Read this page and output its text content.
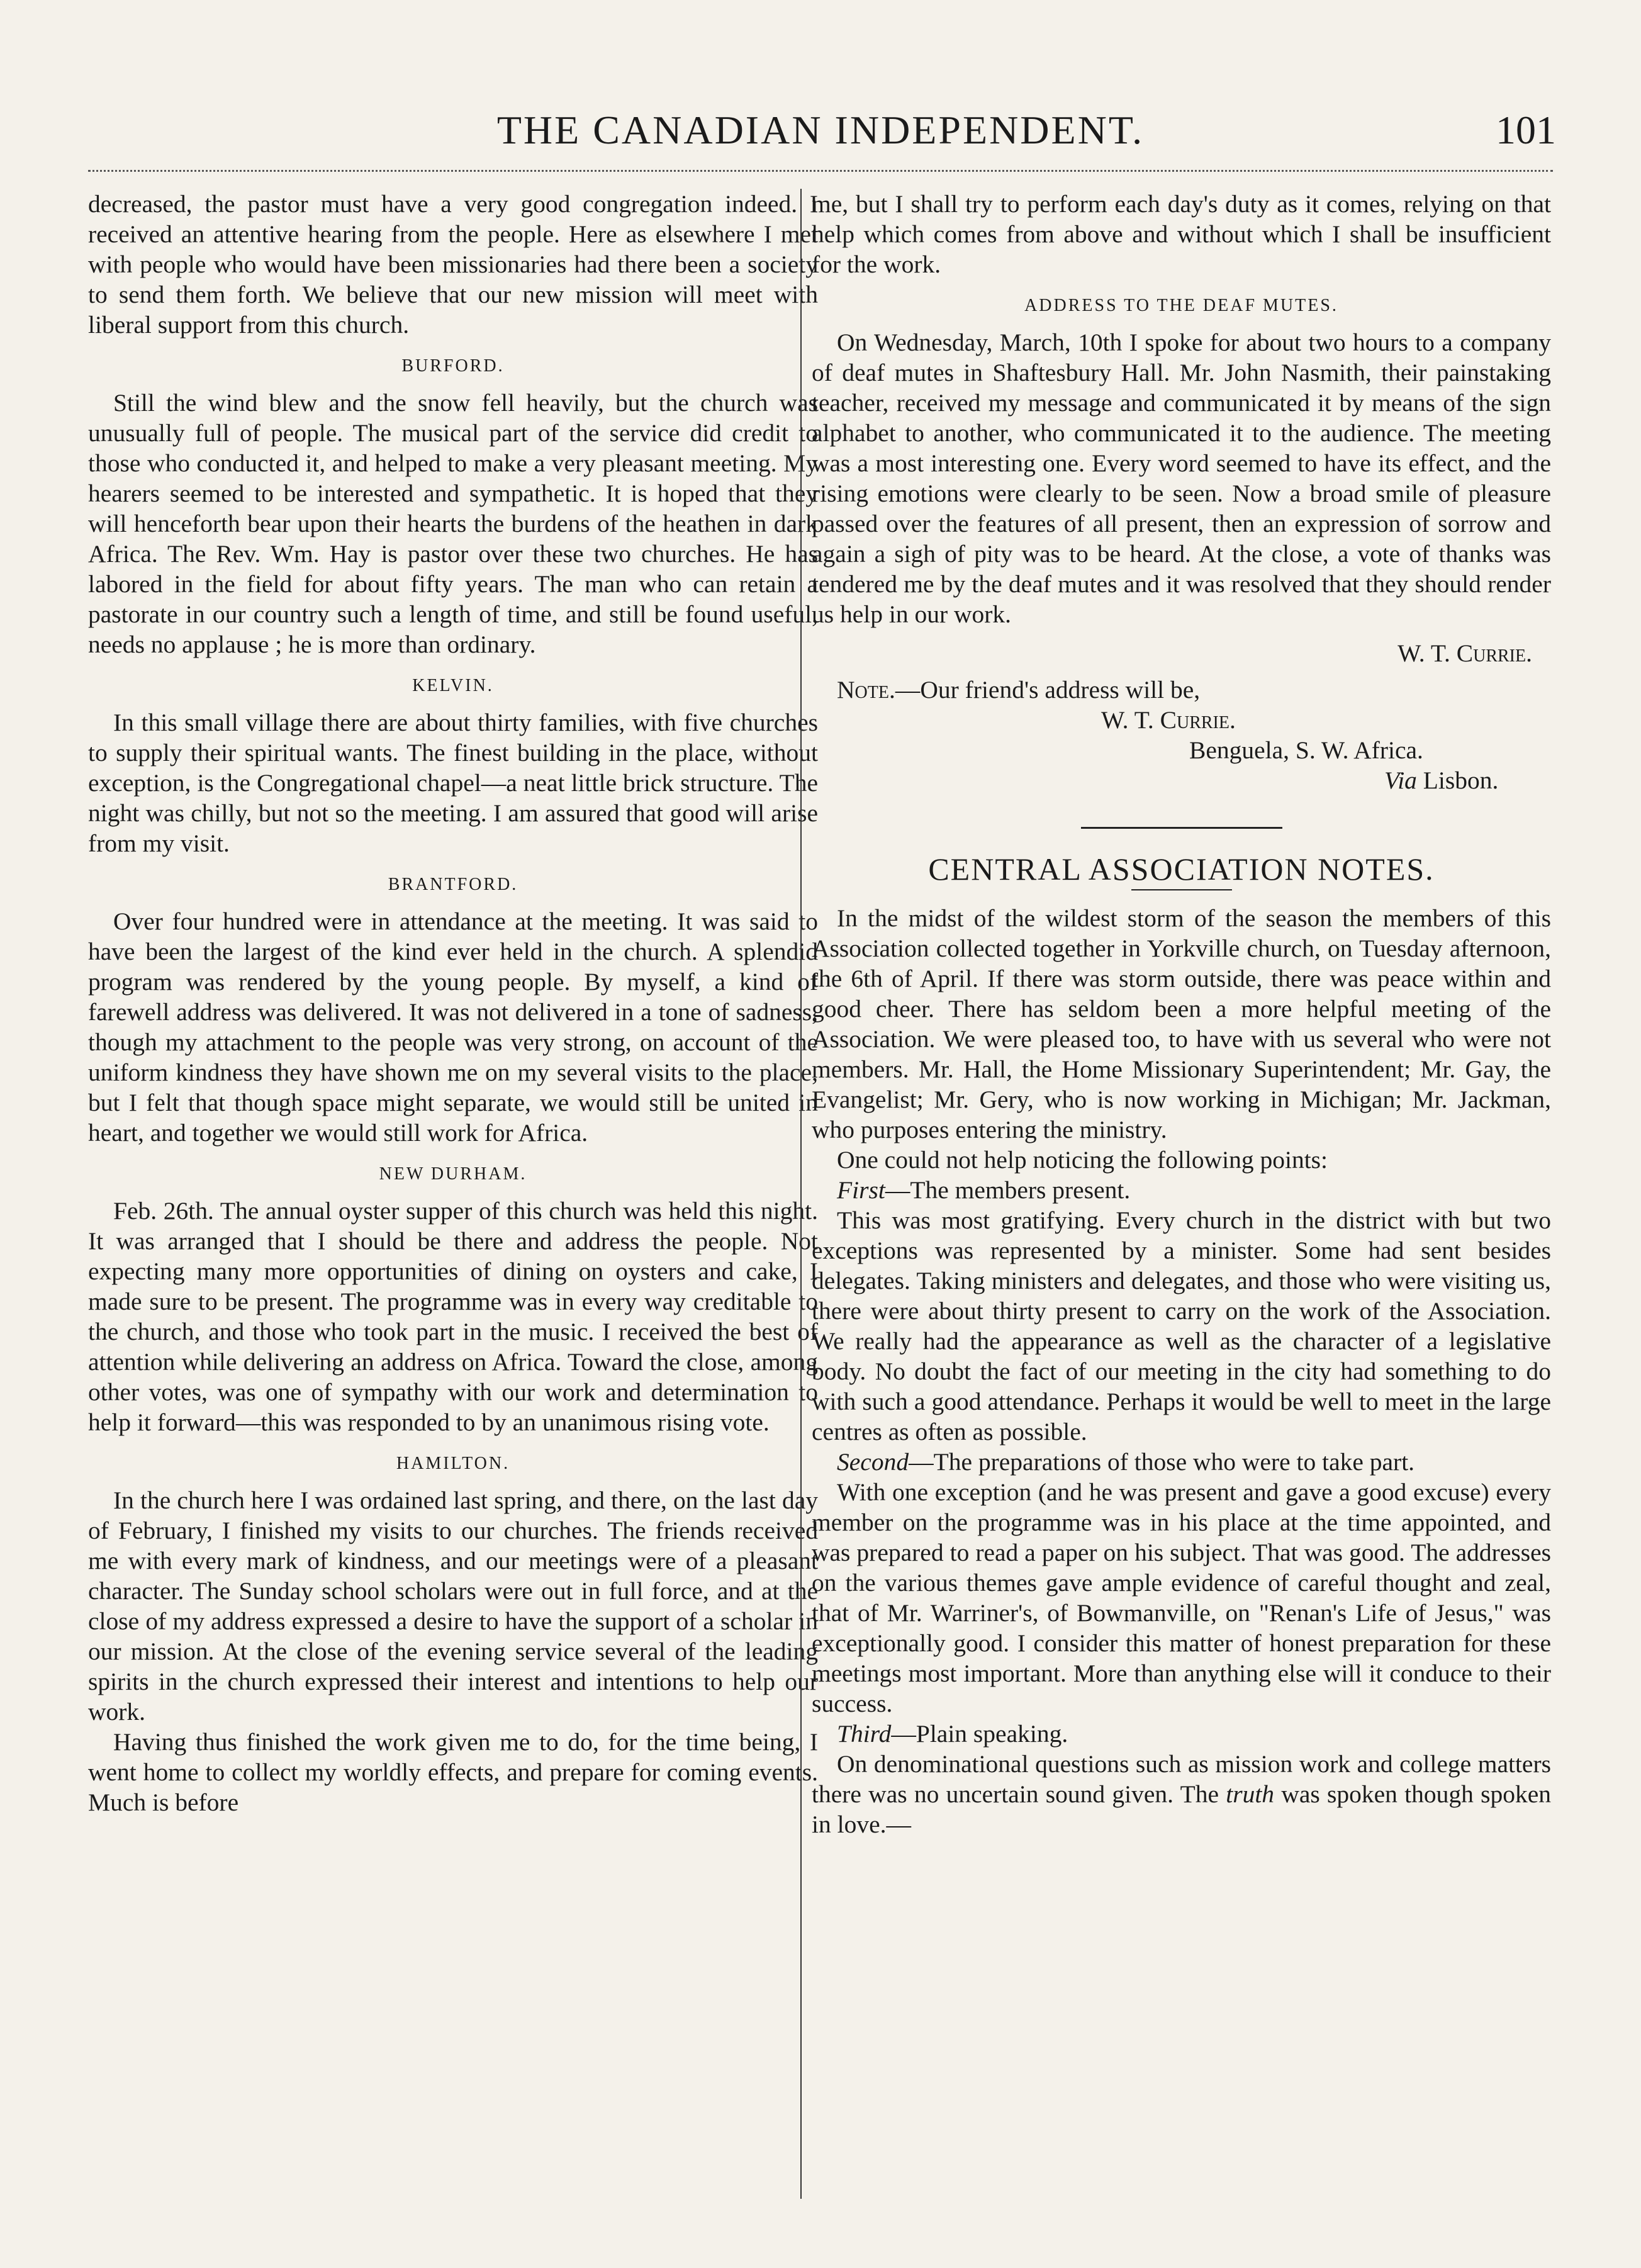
THE CANADIAN INDEPENDENT.	101

decreased, the pastor must have a very good congregation indeed. I received an attentive hearing from the people. Here as elsewhere I met with people who would have been missionaries had there been a society to send them forth. We believe that our new mission will meet with liberal support from this church.

BURFORD.

Still the wind blew and the snow fell heavily, but the church was unusually full of people. The musical part of the service did credit to those who conducted it, and helped to make a very pleasant meeting. My hearers seemed to be interested and sympathetic. It is hoped that they will henceforth bear upon their hearts the burdens of the heathen in dark Africa. The Rev. Wm. Hay is pastor over these two churches. He has labored in the field for about fifty years. The man who can retain a pastorate in our country such a length of time, and still be found useful, needs no applause ; he is more than ordinary.

KELVIN.

In this small village there are about thirty families, with five churches to supply their spiritual wants. The finest building in the place, without exception, is the Congregational chapel—a neat little brick structure. The night was chilly, but not so the meeting. I am assured that good will arise from my visit.

BRANTFORD.

Over four hundred were in attendance at the meeting. It was said to have been the largest of the kind ever held in the church. A splendid program was rendered by the young people. By myself, a kind of farewell address was delivered. It was not delivered in a tone of sadness, though my attachment to the people was very strong, on account of the uniform kindness they have shown me on my several visits to the place, but I felt that though space might separate, we would still be united in heart, and together we would still work for Africa.

NEW DURHAM.

Feb. 26th. The annual oyster supper of this church was held this night. It was arranged that I should be there and address the people. Not expecting many more opportunities of dining on oysters and cake, I made sure to be present. The programme was in every way creditable to the church, and those who took part in the music. I received the best of attention while delivering an address on Africa. Toward the close, among other votes, was one of sympathy with our work and determination to help it forward—this was responded to by an unanimous rising vote.

HAMILTON.

In the church here I was ordained last spring, and there, on the last day of February, I finished my visits to our churches. The friends received me with every mark of kindness, and our meetings were of a pleasant character. The Sunday school scholars were out in full force, and at the close of my address expressed a desire to have the support of a scholar in our mission. At the close of the evening service several of the leading spirits in the church expressed their interest and intentions to help our work.

Having thus finished the work given me to do, for the time being, I went home to collect my worldly effects, and prepare for coming events. Much is before

me, but I shall try to perform each day's duty as it comes, relying on that help which comes from above and without which I shall be insufficient for the work.

ADDRESS TO THE DEAF MUTES.

On Wednesday, March, 10th I spoke for about two hours to a company of deaf mutes in Shaftesbury Hall. Mr. John Nasmith, their painstaking teacher, received my message and communicated it by means of the sign alphabet to another, who communicated it to the audience. The meeting was a most interesting one. Every word seemed to have its effect, and the rising emotions were clearly to be seen. Now a broad smile of pleasure passed over the features of all present, then an expression of sorrow and again a sigh of pity was to be heard. At the close, a vote of thanks was tendered me by the deaf mutes and it was resolved that they should render us help in our work.

W. T. Currie.

Note.—Our friend's address will be,

W. T. Currie.
Benguela, S. W. Africa.
Via Lisbon.
CENTRAL ASSOCIATION NOTES.

In the midst of the wildest storm of the season the members of this Association collected together in Yorkville church, on Tuesday afternoon, the 6th of April. If there was storm outside, there was peace within and good cheer. There has seldom been a more helpful meeting of the Association. We were pleased too, to have with us several who were not members. Mr. Hall, the Home Missionary Superintendent; Mr. Gay, the Evangelist; Mr. Gery, who is now working in Michigan; Mr. Jackman, who purposes entering the ministry.

One could not help noticing the following points:

First—The members present.

This was most gratifying. Every church in the district with but two exceptions was represented by a minister. Some had sent besides delegates. Taking ministers and delegates, and those who were visiting us, there were about thirty present to carry on the work of the Association. We really had the appearance as well as the character of a legislative body. No doubt the fact of our meeting in the city had something to do with such a good attendance. Perhaps it would be well to meet in the large centres as often as possible.

Second—The preparations of those who were to take part.

With one exception (and he was present and gave a good excuse) every member on the programme was in his place at the time appointed, and was prepared to read a paper on his subject. That was good. The addresses on the various themes gave ample evidence of careful thought and zeal, that of Mr. Warriner's, of Bowmanville, on "Renan's Life of Jesus," was exceptionally good. I consider this matter of honest preparation for these meetings most important. More than anything else will it conduce to their success.

Third—Plain speaking.

On denominational questions such as mission work and college matters there was no uncertain sound given. The truth was spoken though spoken in love.—
